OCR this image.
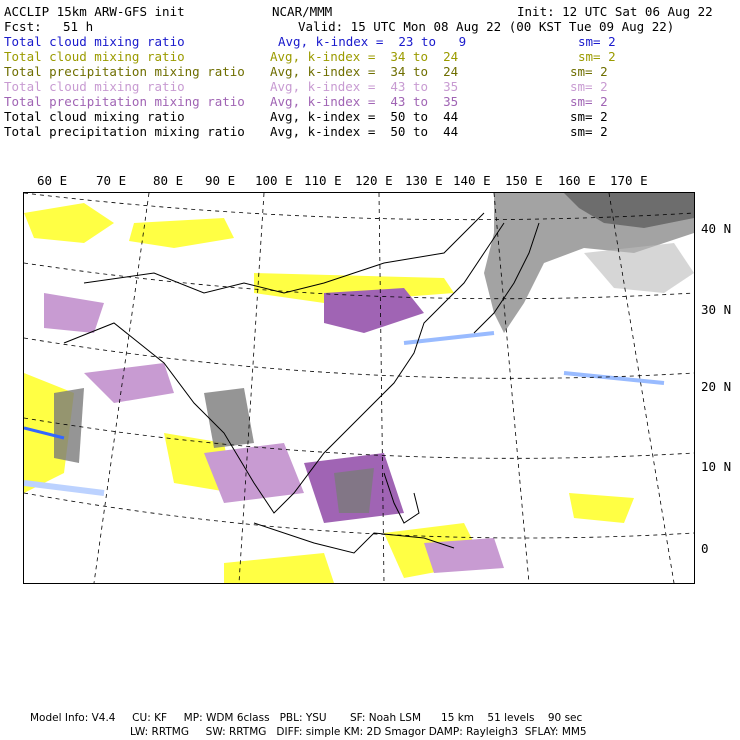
ACCLIP 15km ARW-GFS init	NCAR/MMM	Init: 12 UTC Sat 06 Aug 22
Fcst: 51 h	Valid: 15 UTC Mon 08 Aug 22 (00 KST Tue 09 Aug 22)
Total cloud mixing ratio	Avg, k-index =  23 to   9	sm= 2
Total cloud mixing ratio	Avg, k-index =  34 to  24	sm= 2
Total precipitation mixing ratio Avg, k-index =  34 to  24	sm= 2
Total cloud mixing ratio	Avg, k-index =  43 to  35	sm= 2
Total precipitation mixing ratio Avg, k-index =  43 to  35	sm= 2
Total cloud mixing ratio	Avg, k-index =  50 to  44	sm= 2
Total precipitation mixing ratio Avg, k-index =  50 to  44	sm= 2
60 E 70 E 80 E 90 E 100 E 110 E 120 E 130 E 140 E 150 E 160 E 170 E
40 N
30 N
20 N
10 N
0
Model Info: V4.4     CU: KF     MP: WDM 6class   PBL: YSU       SF: Noah LSM      15 km    51 levels    90 sec
LW: RRTMG     SW: RRTMG   DIFF: simple KM: 2D Smagor DAMP: Rayleigh3  SFLAY: MM5
